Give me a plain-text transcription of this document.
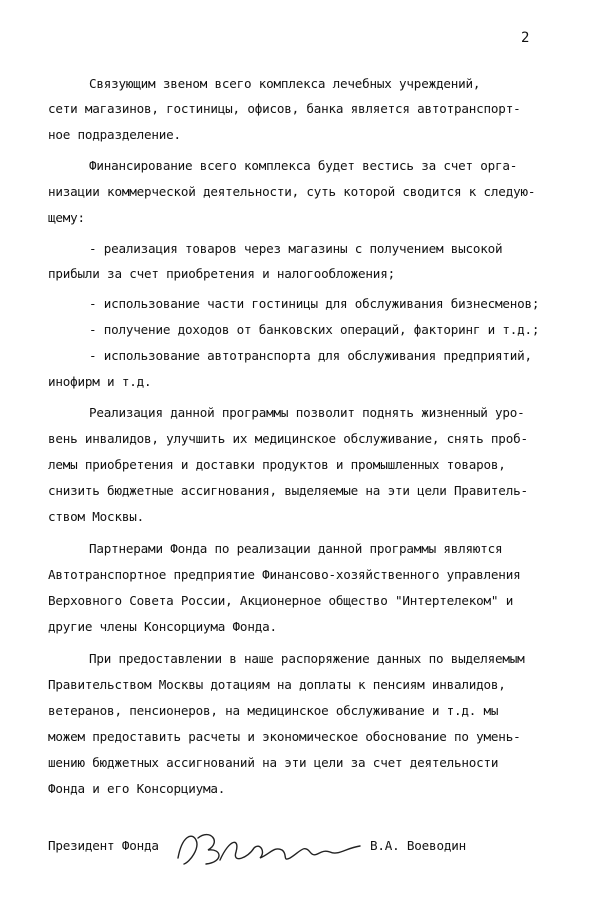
2
Связующим звеном всего комплекса лечебных учреждений,
сети магазинов, гостиницы, офисов, банка является автотранспорт-
ное подразделение.
Финансирование всего комплекса будет вестись за счет орга-
низации коммерческой деятельности, суть которой сводится к следую-
щему:
- реализация товаров через магазины с получением высокой
прибыли за счет приобретения и налогообложения;
- использование части гостиницы для обслуживания бизнесменов;
- получение доходов от банковских операций, факторинг и т.д.;
- использование автотранспорта для обслуживания предприятий,
инофирм и т.д.
Реализация данной программы позволит поднять жизненный уро-
вень инвалидов, улучшить их медицинское обслуживание, снять проб-
лемы приобретения и доставки продуктов и промышленных товаров,
снизить бюджетные ассигнования, выделяемые на эти цели Правитель-
ством Москвы.
Партнерами Фонда по реализации данной программы являются
Автотранспортное предприятие Финансово-хозяйственного управления
Верховного Совета России, Акционерное общество "Интертелеком" и
другие члены Консорциума Фонда.
При предоставлении в наше распоряжение данных по выделяемым
Правительством Москвы дотациям на доплаты к пенсиям инвалидов,
ветеранов, пенсионеров, на медицинское обслуживание и т.д. мы
можем предоставить расчеты и экономическое обоснование по умень-
шению бюджетных ассигнований на эти цели за счет деятельности
Фонда и его Консорциума.
Президент Фонда	В.А. Воеводин
